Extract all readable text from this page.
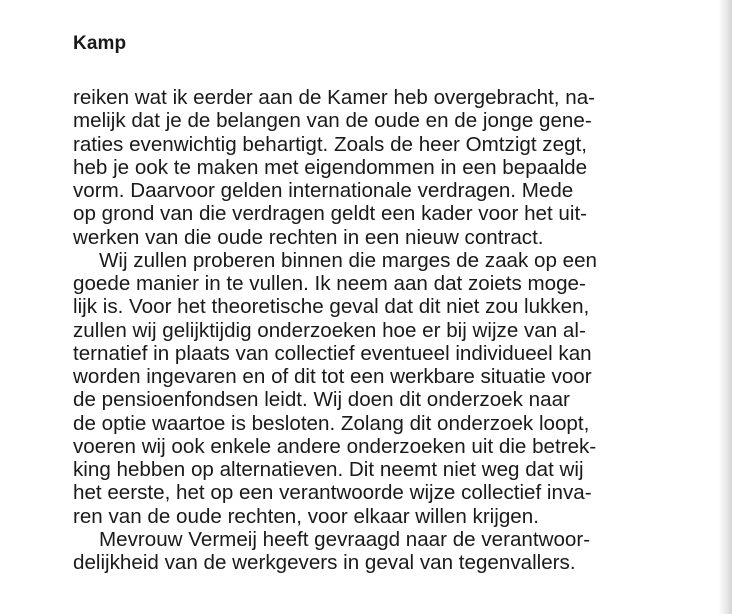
Kamp
reiken wat ik eerder aan de Kamer heb overgebracht, na-
melijk dat je de belangen van de oude en de jonge gene-
raties evenwichtig behartigt. Zoals de heer Omtzigt zegt,
heb je ook te maken met eigendommen in een bepaalde
vorm. Daarvoor gelden internationale verdragen. Mede
op grond van die verdragen geldt een kader voor het uit-
werken van die oude rechten in een nieuw contract.
Wij zullen proberen binnen die marges de zaak op een
goede manier in te vullen. Ik neem aan dat zoiets moge-
lijk is. Voor het theoretische geval dat dit niet zou lukken,
zullen wij gelijktijdig onderzoeken hoe er bij wijze van al-
ternatief in plaats van collectief eventueel individueel kan
worden ingevaren en of dit tot een werkbare situatie voor
de pensioenfondsen leidt. Wij doen dit onderzoek naar
de optie waartoe is besloten. Zolang dit onderzoek loopt,
voeren wij ook enkele andere onderzoeken uit die betrek-
king hebben op alternatieven. Dit neemt niet weg dat wij
het eerste, het op een verantwoorde wijze collectief inva-
ren van de oude rechten, voor elkaar willen krijgen.
Mevrouw Vermeij heeft gevraagd naar de verantwoor-
delijkheid van de werkgevers in geval van tegenvallers.
